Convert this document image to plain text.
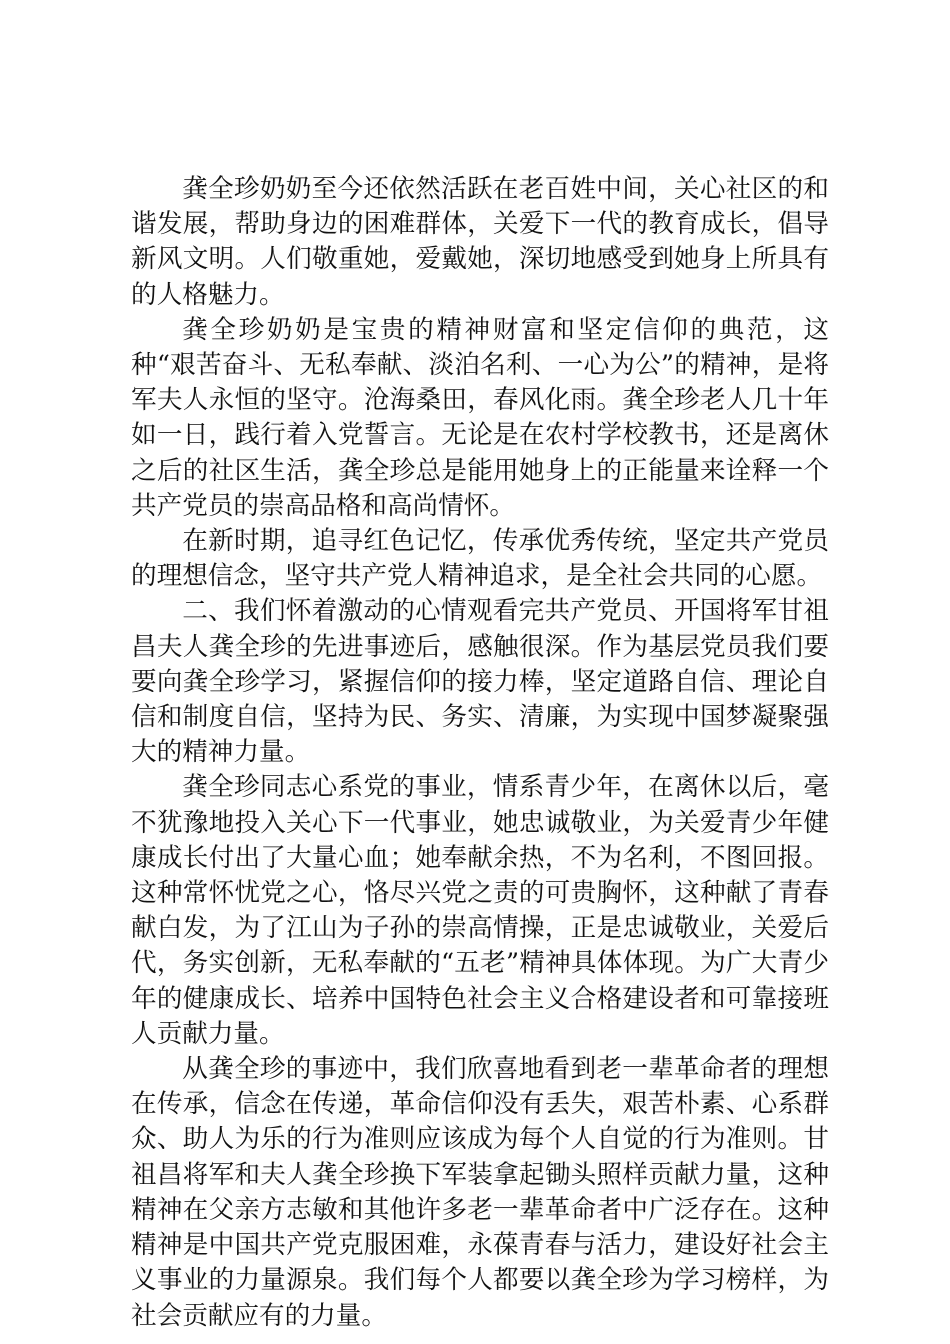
龚全珍奶奶至今还依然活跃在老百姓中间，关心社区的和谐发展，帮助身边的困难群体，关爱下一代的教育成长，倡导新风文明。人们敬重她，爱戴她，深切地感受到她身上所具有的人格魅力。

龚全珍奶奶是宝贵的精神财富和坚定信仰的典范，这种“艰苦奋斗、无私奉献、淡泊名利、一心为公”的精神，是将军夫人永恒的坚守。沧海桑田，春风化雨。龚全珍老人几十年如一日，践行着入党誓言。无论是在农村学校教书，还是离休之后的社区生活，龚全珍总是能用她身上的正能量来诠释一个共产党员的崇高品格和高尚情怀。

在新时期，追寻红色记忆，传承优秀传统，坚定共产党员的理想信念，坚守共产党人精神追求，是全社会共同的心愿。

二、我们怀着激动的心情观看完共产党员、开国将军甘祖昌夫人龚全珍的先进事迹后，感触很深。作为基层党员我们要要向龚全珍学习，紧握信仰的接力棒，坚定道路自信、理论自信和制度自信，坚持为民、务实、清廉，为实现中国梦凝聚强大的精神力量。

龚全珍同志心系党的事业，情系青少年，在离休以后，毫不犹豫地投入关心下一代事业，她忠诚敬业，为关爱青少年健康成长付出了大量心血；她奉献余热，不为名利，不图回报。这种常怀忧党之心，恪尽兴党之责的可贵胸怀，这种献了青春献白发，为了江山为子孙的崇高情操，正是忠诚敬业，关爱后代，务实创新，无私奉献的“五老”精神具体体现。为广大青少年的健康成长、培养中国特色社会主义合格建设者和可靠接班人贡献力量。

从龚全珍的事迹中，我们欣喜地看到老一辈革命者的理想在传承，信念在传递，革命信仰没有丢失，艰苦朴素、心系群众、助人为乐的行为准则应该成为每个人自觉的行为准则。甘祖昌将军和夫人龚全珍换下军装拿起锄头照样贡献力量，这种精神在父亲方志敏和其他许多老一辈革命者中广泛存在。这种精神是中国共产党克服困难，永葆青春与活力，建设好社会主义事业的力量源泉。我们每个人都要以龚全珍为学习榜样，为社会贡献应有的力量。
